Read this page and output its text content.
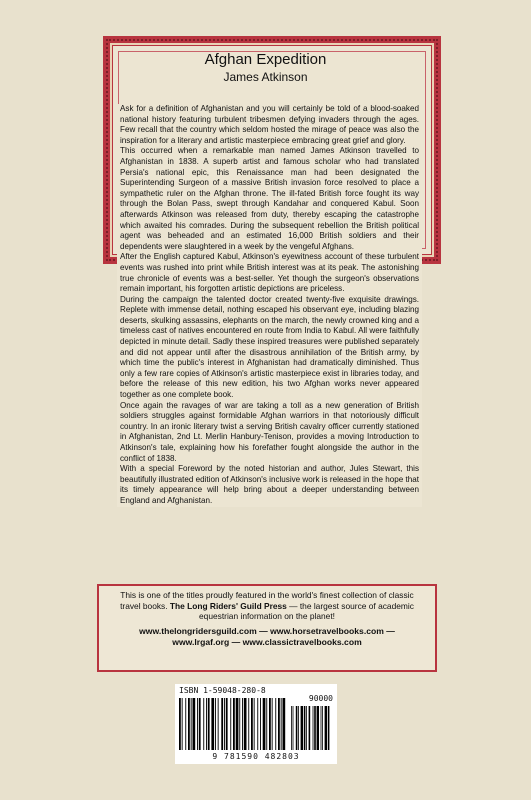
Afghan Expedition
James Atkinson

Ask for a definition of Afghanistan and you will certainly be told of a blood-soaked national history featuring turbulent tribesmen defying invaders through the ages. Few recall that the country which seldom hosted the mirage of peace was also the inspiration for a literary and artistic masterpiece embracing great grief and glory.

This occurred when a remarkable man named James Atkinson travelled to Afghanistan in 1838. A superb artist and famous scholar who had translated Persia's national epic, this Renaissance man had been designated the Superintending Surgeon of a massive British invasion force resolved to place a sympathetic ruler on the Afghan throne. The ill-fated British force fought its way through the Bolan Pass, swept through Kandahar and conquered Kabul. Soon afterwards Atkinson was released from duty, thereby escaping the catastrophe which awaited his comrades. During the subsequent rebellion the British political agent was beheaded and an estimated 16,000 British soldiers and their dependents were slaughtered in a week by the vengeful Afghans.

After the English captured Kabul, Atkinson's eyewitness account of these turbulent events was rushed into print while British interest was at its peak. The astonishing true chronicle of events was a best-seller. Yet though the surgeon's observations remain important, his forgotten artistic depictions are priceless.

During the campaign the talented doctor created twenty-five exquisite drawings. Replete with immense detail, nothing escaped his observant eye, including blazing deserts, skulking assassins, elephants on the march, the newly crowned king and a timeless cast of natives encountered en route from India to Kabul. All were faithfully depicted in minute detail. Sadly these inspired treasures were published separately and did not appear until after the disastrous annihilation of the British army, by which time the public's interest in Afghanistan had dramatically diminished. Thus only a few rare copies of Atkinson's artistic masterpiece exist in libraries today, and before the release of this new edition, his two Afghan works never appeared together as one complete book.

Once again the ravages of war are taking a toll as a new generation of British soldiers struggles against formidable Afghan warriors in that notoriously difficult country. In an ironic literary twist a serving British cavalry officer currently stationed in Afghanistan, 2nd Lt. Merlin Hanbury-Tenison, provides a moving Introduction to Atkinson's tale, explaining how his forefather fought alongside the author in the conflict of 1838.

With a special Foreword by the noted historian and author, Jules Stewart, this beautifully illustrated edition of Atkinson's inclusive work is released in the hope that its timely appearance will help bring about a deeper understanding between England and Afghanistan.

This is one of the titles proudly featured in the world's finest collection of classic travel books. The Long Riders' Guild Press — the largest source of academic equestrian information on the planet!
www.thelongridersguild.com — www.horsetravelbooks.com —
www.lrgaf.org — www.classictravelbooks.com
ISBN 1-59048-280-8
90000
9 781590 482803
